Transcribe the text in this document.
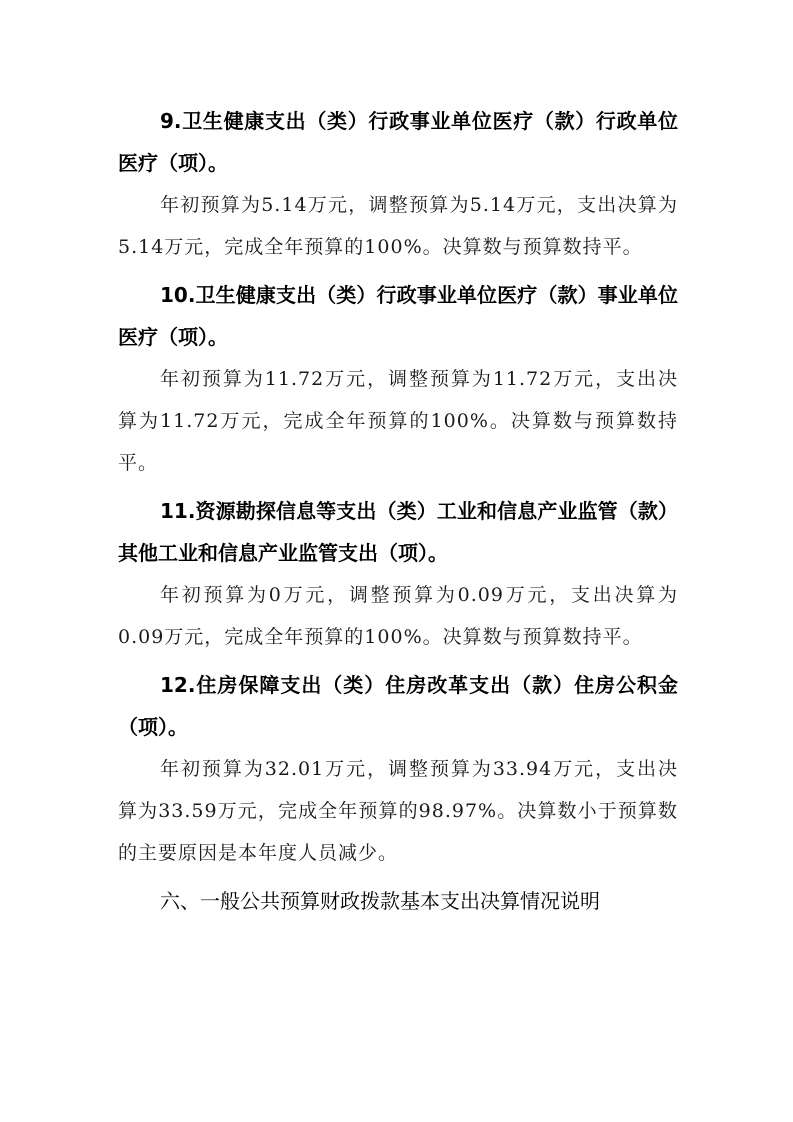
9.卫生健康支出（类）行政事业单位医疗（款）行政单位医疗（项）。

年初预算为5.14万元，调整预算为5.14万元，支出决算为5.14万元，完成全年预算的100%。决算数与预算数持平。

10.卫生健康支出（类）行政事业单位医疗（款）事业单位医疗（项）。

年初预算为11.72万元，调整预算为11.72万元，支出决算为11.72万元，完成全年预算的100%。决算数与预算数持平。

11.资源勘探信息等支出（类）工业和信息产业监管（款）其他工业和信息产业监管支出（项）。

年初预算为0万元，调整预算为0.09万元，支出决算为0.09万元，完成全年预算的100%。决算数与预算数持平。

12.住房保障支出（类）住房改革支出（款）住房公积金（项）。

年初预算为32.01万元，调整预算为33.94万元，支出决算为33.59万元，完成全年预算的98.97%。决算数小于预算数的主要原因是本年度人员减少。

六、一般公共预算财政拨款基本支出决算情况说明
